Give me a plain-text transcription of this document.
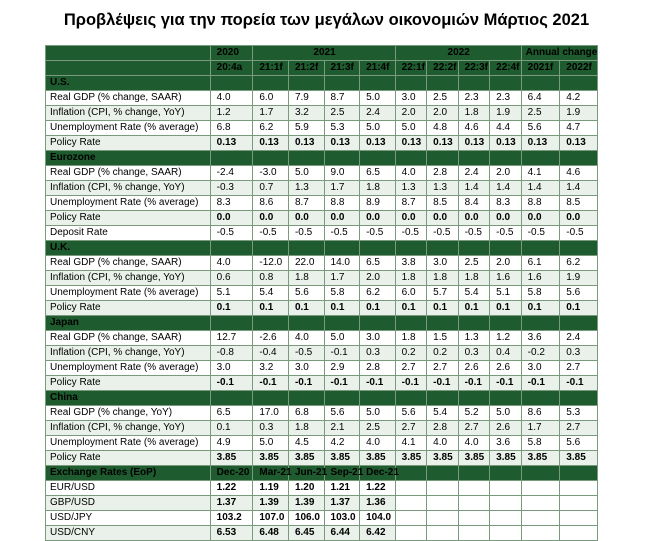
Προβλέψεις για την πορεία των μεγάλων οικονομιών Μάρτιος 2021
	2020	2021				2022				Annual change	
	20:4a	21:1f	21:2f	21:3f	21:4f	22:1f	22:2f	22:3f	22:4f	2021f	2022f
U.S.											
Real GDP (% change, SAAR)	4.0	6.0	7.9	8.7	5.0	3.0	2.5	2.3	2.3	6.4	4.2
Inflation (CPI, % change, YoY)	1.2	1.7	3.2	2.5	2.4	2.0	2.0	1.8	1.9	2.5	1.9
Unemployment Rate (% average)	6.8	6.2	5.9	5.3	5.0	5.0	4.8	4.6	4.4	5.6	4.7
Policy Rate	0.13	0.13	0.13	0.13	0.13	0.13	0.13	0.13	0.13	0.13	0.13
Eurozone											
Real GDP (% change, SAAR)	-2.4	-3.0	5.0	9.0	6.5	4.0	2.8	2.4	2.0	4.1	4.6
Inflation (CPI, % change, YoY)	-0.3	0.7	1.3	1.7	1.8	1.3	1.3	1.4	1.4	1.4	1.4
Unemployment Rate (% average)	8.3	8.6	8.7	8.8	8.9	8.7	8.5	8.4	8.3	8.8	8.5
Policy Rate	0.0	0.0	0.0	0.0	0.0	0.0	0.0	0.0	0.0	0.0	0.0
Deposit Rate	-0.5	-0.5	-0.5	-0.5	-0.5	-0.5	-0.5	-0.5	-0.5	-0.5	-0.5
U.K.											
Real GDP (% change, SAAR)	4.0	-12.0	22.0	14.0	6.5	3.8	3.0	2.5	2.0	6.1	6.2
Inflation (CPI, % change, YoY)	0.6	0.8	1.8	1.7	2.0	1.8	1.8	1.8	1.6	1.6	1.9
Unemployment Rate (% average)	5.1	5.4	5.6	5.8	6.2	6.0	5.7	5.4	5.1	5.8	5.6
Policy Rate	0.1	0.1	0.1	0.1	0.1	0.1	0.1	0.1	0.1	0.1	0.1
Japan											
Real GDP (% change, SAAR)	12.7	-2.6	4.0	5.0	3.0	1.8	1.5	1.3	1.2	3.6	2.4
Inflation (CPI, % change, YoY)	-0.8	-0.4	-0.5	-0.1	0.3	0.2	0.2	0.3	0.4	-0.2	0.3
Unemployment Rate (% average)	3.0	3.2	3.0	2.9	2.8	2.7	2.7	2.6	2.6	3.0	2.7
Policy Rate	-0.1	-0.1	-0.1	-0.1	-0.1	-0.1	-0.1	-0.1	-0.1	-0.1	-0.1
China											
Real GDP (% change, YoY)	6.5	17.0	6.8	5.6	5.0	5.6	5.4	5.2	5.0	8.6	5.3
Inflation (CPI, % change, YoY)	0.1	0.3	1.8	2.1	2.5	2.7	2.8	2.7	2.6	1.7	2.7
Unemployment Rate (% average)	4.9	5.0	4.5	4.2	4.0	4.1	4.0	4.0	3.6	5.8	5.6
Policy Rate	3.85	3.85	3.85	3.85	3.85	3.85	3.85	3.85	3.85	3.85	3.85
Exchange Rates (EoP)	Dec-20	Mar-21	Jun-21	Sep-21	Dec-21						
EUR/USD	1.22	1.19	1.20	1.21	1.22						
GBP/USD	1.37	1.39	1.39	1.37	1.36						
USD/JPY	103.2	107.0	106.0	103.0	104.0						
USD/CNY	6.53	6.48	6.45	6.44	6.42						
